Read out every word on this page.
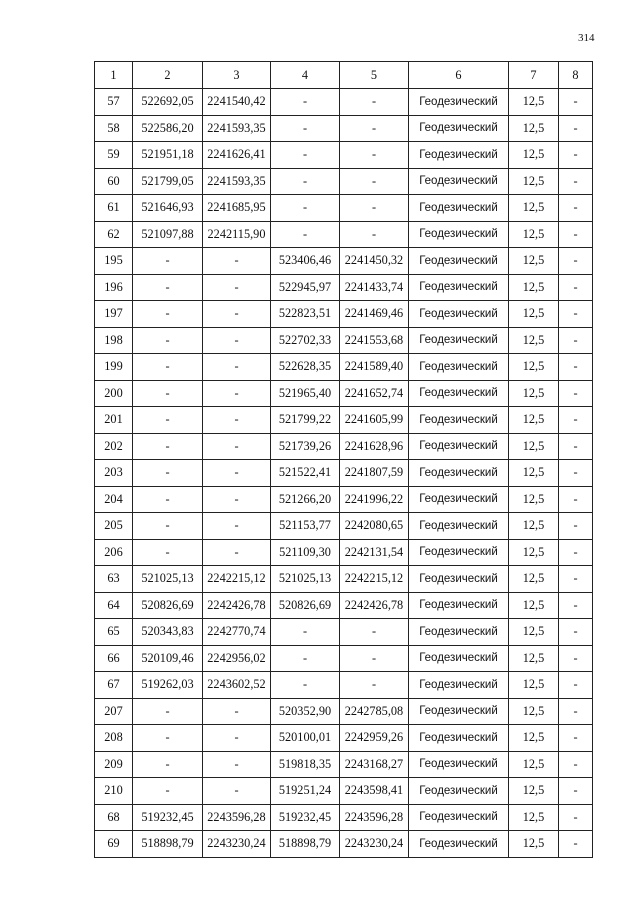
314
1	2	3	4	5	6	7	8
57	522692,05	2241540,42	-	-	Геодезический	12,5	-
58	522586,20	2241593,35	-	-	Геодезический	12,5	-
59	521951,18	2241626,41	-	-	Геодезический	12,5	-
60	521799,05	2241593,35	-	-	Геодезический	12,5	-
61	521646,93	2241685,95	-	-	Геодезический	12,5	-
62	521097,88	2242115,90	-	-	Геодезический	12,5	-
195	-	-	523406,46	2241450,32	Геодезический	12,5	-
196	-	-	522945,97	2241433,74	Геодезический	12,5	-
197	-	-	522823,51	2241469,46	Геодезический	12,5	-
198	-	-	522702,33	2241553,68	Геодезический	12,5	-
199	-	-	522628,35	2241589,40	Геодезический	12,5	-
200	-	-	521965,40	2241652,74	Геодезический	12,5	-
201	-	-	521799,22	2241605,99	Геодезический	12,5	-
202	-	-	521739,26	2241628,96	Геодезический	12,5	-
203	-	-	521522,41	2241807,59	Геодезический	12,5	-
204	-	-	521266,20	2241996,22	Геодезический	12,5	-
205	-	-	521153,77	2242080,65	Геодезический	12,5	-
206	-	-	521109,30	2242131,54	Геодезический	12,5	-
63	521025,13	2242215,12	521025,13	2242215,12	Геодезический	12,5	-
64	520826,69	2242426,78	520826,69	2242426,78	Геодезический	12,5	-
65	520343,83	2242770,74	-	-	Геодезический	12,5	-
66	520109,46	2242956,02	-	-	Геодезический	12,5	-
67	519262,03	2243602,52	-	-	Геодезический	12,5	-
207	-	-	520352,90	2242785,08	Геодезический	12,5	-
208	-	-	520100,01	2242959,26	Геодезический	12,5	-
209	-	-	519818,35	2243168,27	Геодезический	12,5	-
210	-	-	519251,24	2243598,41	Геодезический	12,5	-
68	519232,45	2243596,28	519232,45	2243596,28	Геодезический	12,5	-
69	518898,79	2243230,24	518898,79	2243230,24	Геодезический	12,5	-
